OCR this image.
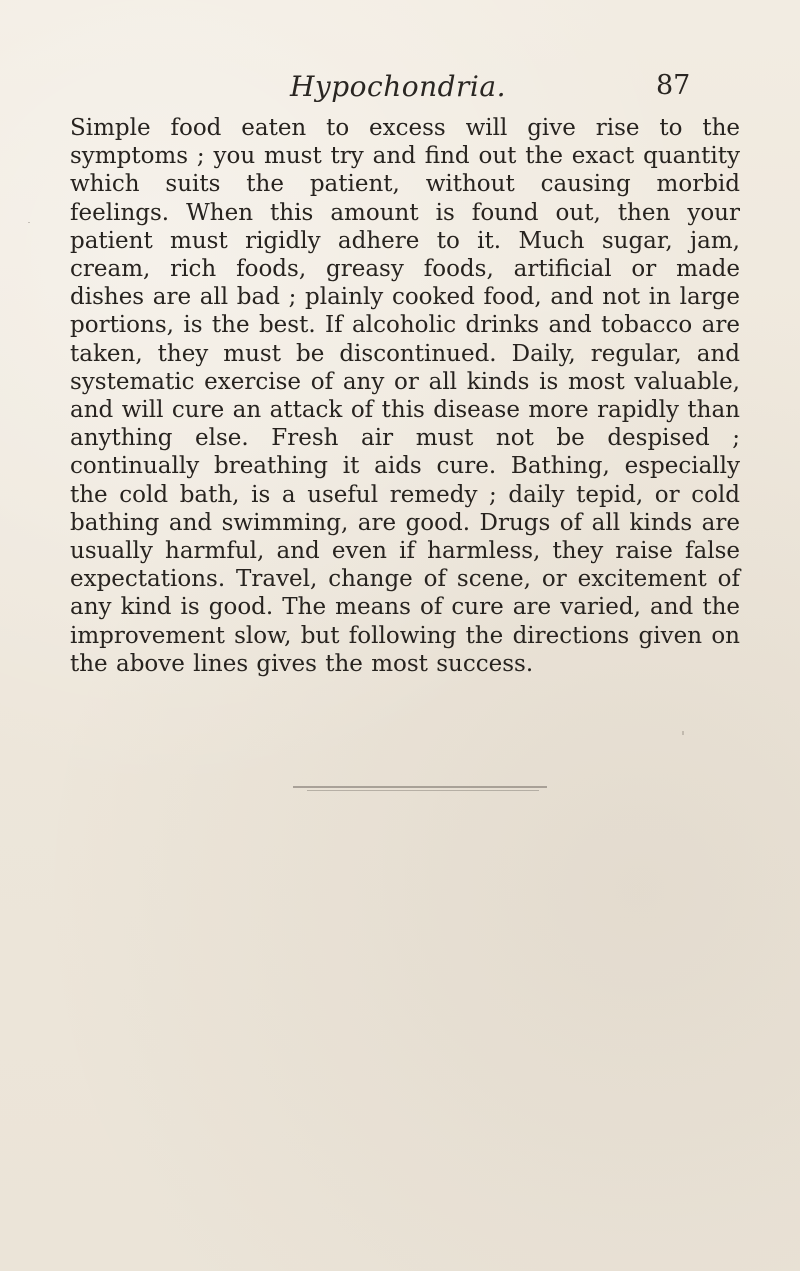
Hypochondria.	87

Simple food eaten to excess will give rise to the symptoms ; you must try and find out the exact quantity which suits the patient, without causing morbid feelings. When this amount is found out, then your patient must rigidly adhere to it. Much sugar, jam, cream, rich foods, greasy foods, artificial or made dishes are all bad ; plainly cooked food, and not in large portions, is the best. If alcoholic drinks and tobacco are taken, they must be discontinued. Daily, regular, and systematic exercise of any or all kinds is most valuable, and will cure an attack of this disease more rapidly than anything else. Fresh air must not be despised ; continually breathing it aids cure. Bathing, especially the cold bath, is a useful remedy ; daily tepid, or cold bathing and swimming, are good. Drugs of all kinds are usually harmful, and even if harmless, they raise false expectations. Travel, change of scene, or excitement of any kind is good. The means of cure are varied, and the improvement slow, but following the directions given on the above lines gives the most success.
